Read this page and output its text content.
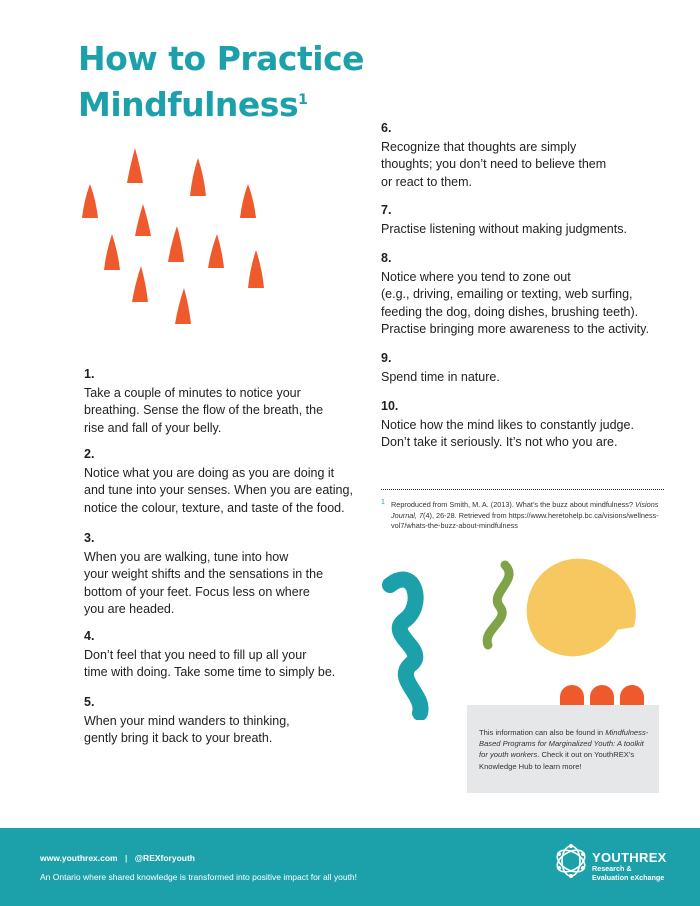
How to Practice
Mindfulness$^1$
1.
Take a couple of minutes to notice your
breathing. Sense the flow of the breath, the
rise and fall of your belly.
2.
Notice what you are doing as you are doing it
and tune into your senses. When you are eating,
notice the colour, texture, and taste of the food.
3.
When you are walking, tune into how
your weight shifts and the sensations in the
bottom of your feet. Focus less on where
you are headed.
4.
Don’t feel that you need to fill up all your
time with doing. Take some time to simply be.
5.
When your mind wanders to thinking,
gently bring it back to your breath.
6.
Recognize that thoughts are simply
thoughts; you don’t need to believe them
or react to them.
7.
Practise listening without making judgments.
8.
Notice where you tend to zone out
(e.g., driving, emailing or texting, web surfing,
feeding the dog, doing dishes, brushing teeth).
Practise bringing more awareness to the activity.
9.
Spend time in nature.
10.
Notice how the mind likes to constantly judge.
Don’t take it seriously. It’s not who you are.
1 Reproduced from Smith, M. A. (2013). What’s the buzz about mindfulness? Visions Journal, 7(4), 26-28. Retrieved from https://www.heretohelp.bc.ca/visions/wellness-vol7/whats-the-buzz-about-mindfulness
This information can also be found in Mindfulness-Based Programs for Marginalized Youth: A toolkit for youth workers. Check it out on YouthREX’s Knowledge Hub to learn more!
www.youthrex.com | @REXforyouth
An Ontario where shared knowledge is transformed into positive impact for all youth!
YOUTHREX
Research &
Evaluation eXchange
